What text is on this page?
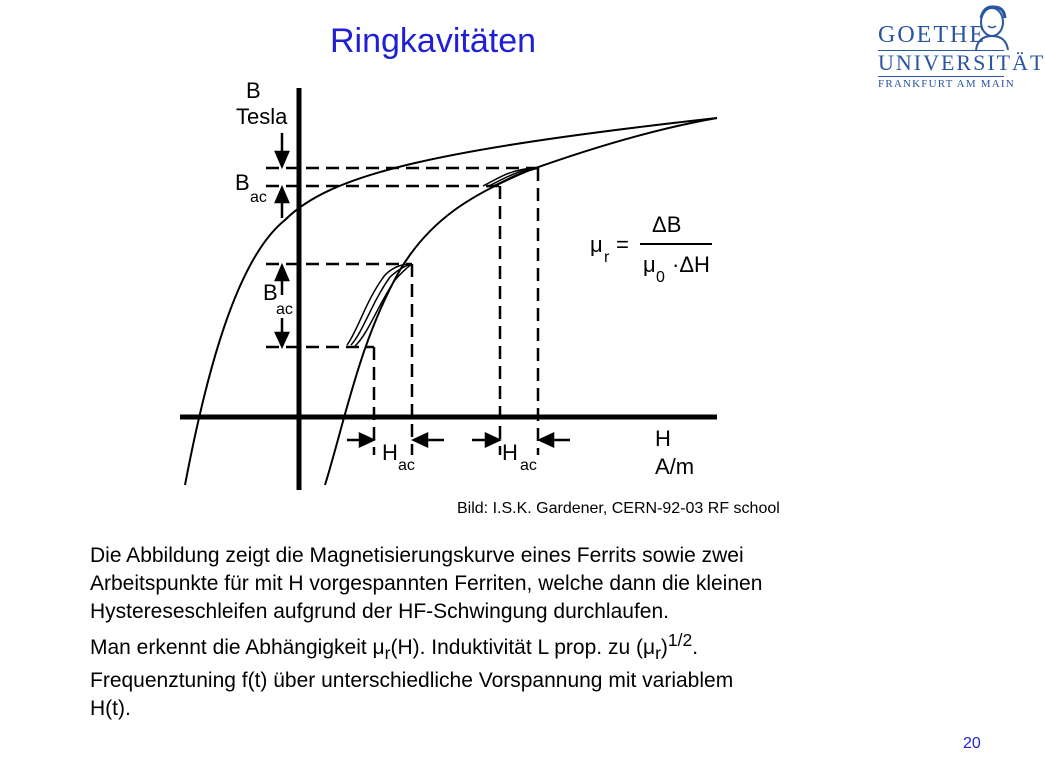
Ringkavitäten	GOETHE
UNIVERSITÄT
FRANKFURT AM MAIN
B
Tesla
H
A/m
B
ac
B
ac
H
ac
H
ac
μ
r
=
ΔB
μ
0
·ΔH
Bild: I.S.K. Gardener, CERN-92-03 RF school

Die Abbildung zeigt die Magnetisierungskurve eines Ferrits sowie zwei

Arbeitspunkte für mit H vorgespannten Ferriten, welche dann die kleinen

Hystereseschleifen aufgrund der HF-Schwingung durchlaufen.

Man erkennt die Abhängigkeit $\mu_r(H)$. Induktivität L prop. zu $(\mu_r)^{1/2}$.

Frequenztuning f(t) über unterschiedliche Vorspannung mit variablem

H(t).

20
